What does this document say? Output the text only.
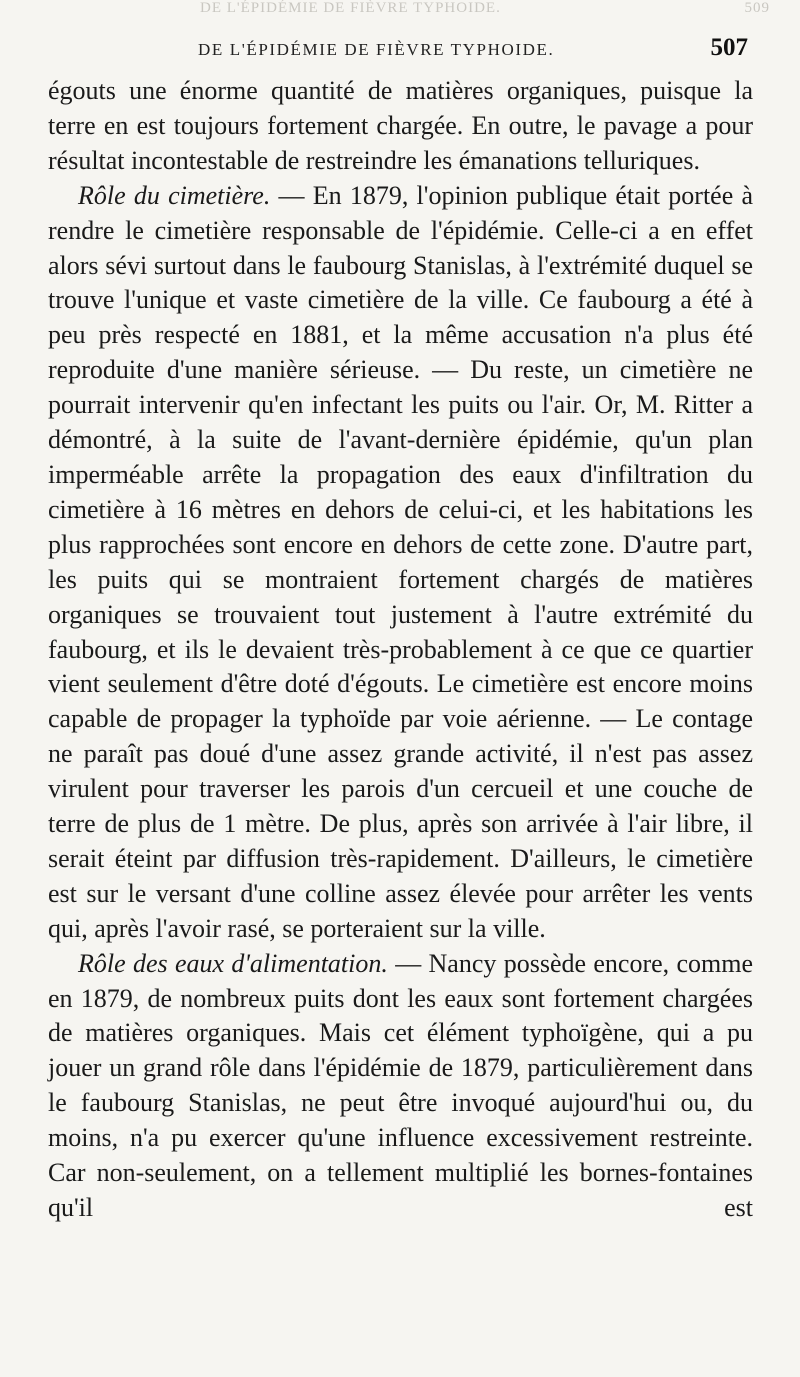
DE L'ÉPIDÉMIE DE FIÈVRE TYPHOIDE.	509
DE L'ÉPIDÉMIE DE FIÈVRE TYPHOIDE.	507

égouts une énorme quantité de matières organiques, puisque la terre en est toujours fortement chargée. En outre, le pavage a pour résultat incontestable de restreindre les émanations telluriques.

Rôle du cimetière. — En 1879, l'opinion publique était portée à rendre le cimetière responsable de l'épidémie. Celle-ci a en effet alors sévi surtout dans le faubourg Stanislas, à l'extrémité duquel se trouve l'unique et vaste cimetière de la ville. Ce faubourg a été à peu près respecté en 1881, et la même accusation n'a plus été reproduite d'une manière sérieuse. — Du reste, un cimetière ne pourrait intervenir qu'en infectant les puits ou l'air. Or, M. Ritter a démontré, à la suite de l'avant-dernière épidémie, qu'un plan imperméable arrête la propagation des eaux d'infiltration du cimetière à 16 mètres en dehors de celui-ci, et les habitations les plus rapprochées sont encore en dehors de cette zone. D'autre part, les puits qui se montraient fortement chargés de matières organiques se trouvaient tout justement à l'autre extrémité du faubourg, et ils le devaient très-probablement à ce que ce quartier vient seulement d'être doté d'égouts. Le cimetière est encore moins capable de propager la typhoïde par voie aérienne. — Le contage ne paraît pas doué d'une assez grande activité, il n'est pas assez virulent pour traverser les parois d'un cercueil et une couche de terre de plus de 1 mètre. De plus, après son arrivée à l'air libre, il serait éteint par diffusion très-rapidement. D'ailleurs, le cimetière est sur le versant d'une colline assez élevée pour arrêter les vents qui, après l'avoir rasé, se porteraient sur la ville.

Rôle des eaux d'alimentation. — Nancy possède encore, comme en 1879, de nombreux puits dont les eaux sont fortement chargées de matières organiques. Mais cet élément typhoïgène, qui a pu jouer un grand rôle dans l'épidémie de 1879, particulièrement dans le faubourg Stanislas, ne peut être invoqué aujourd'hui ou, du moins, n'a pu exercer qu'une influence excessivement restreinte. Car non-seulement, on a tellement multiplié les bornes-fontaines qu'il est
